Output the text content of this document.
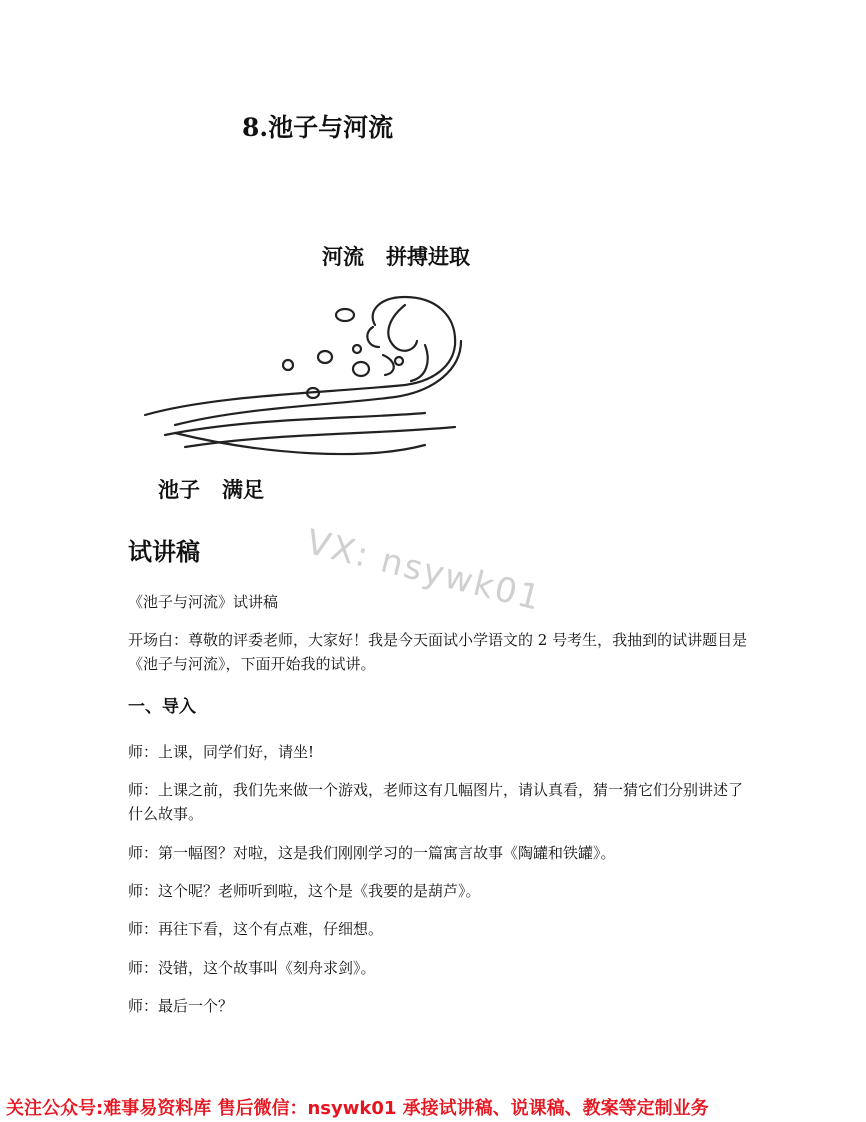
8.池子与河流
河流 拼搏进取
池子 满足
VX: nsywk01
试讲稿
《池子与河流》试讲稿
开场白：尊敬的评委老师，大家好！我是今天面试小学语文的 2 号考生，我抽到的试讲题目是《池子与河流》，下面开始我的试讲。
一、导入
师：上课，同学们好，请坐!
师：上课之前，我们先来做一个游戏，老师这有几幅图片，请认真看，猜一猜它们分别讲述了什么故事。
师：第一幅图？对啦，这是我们刚刚学习的一篇寓言故事《陶罐和铁罐》。
师：这个呢？老师听到啦，这个是《我要的是葫芦》。
师：再往下看，这个有点难，仔细想。
师：没错，这个故事叫《刻舟求剑》。
师：最后一个？
关注公众号:难事易资料库 售后微信：nsywk01 承接试讲稿、说课稿、教案等定制业务
